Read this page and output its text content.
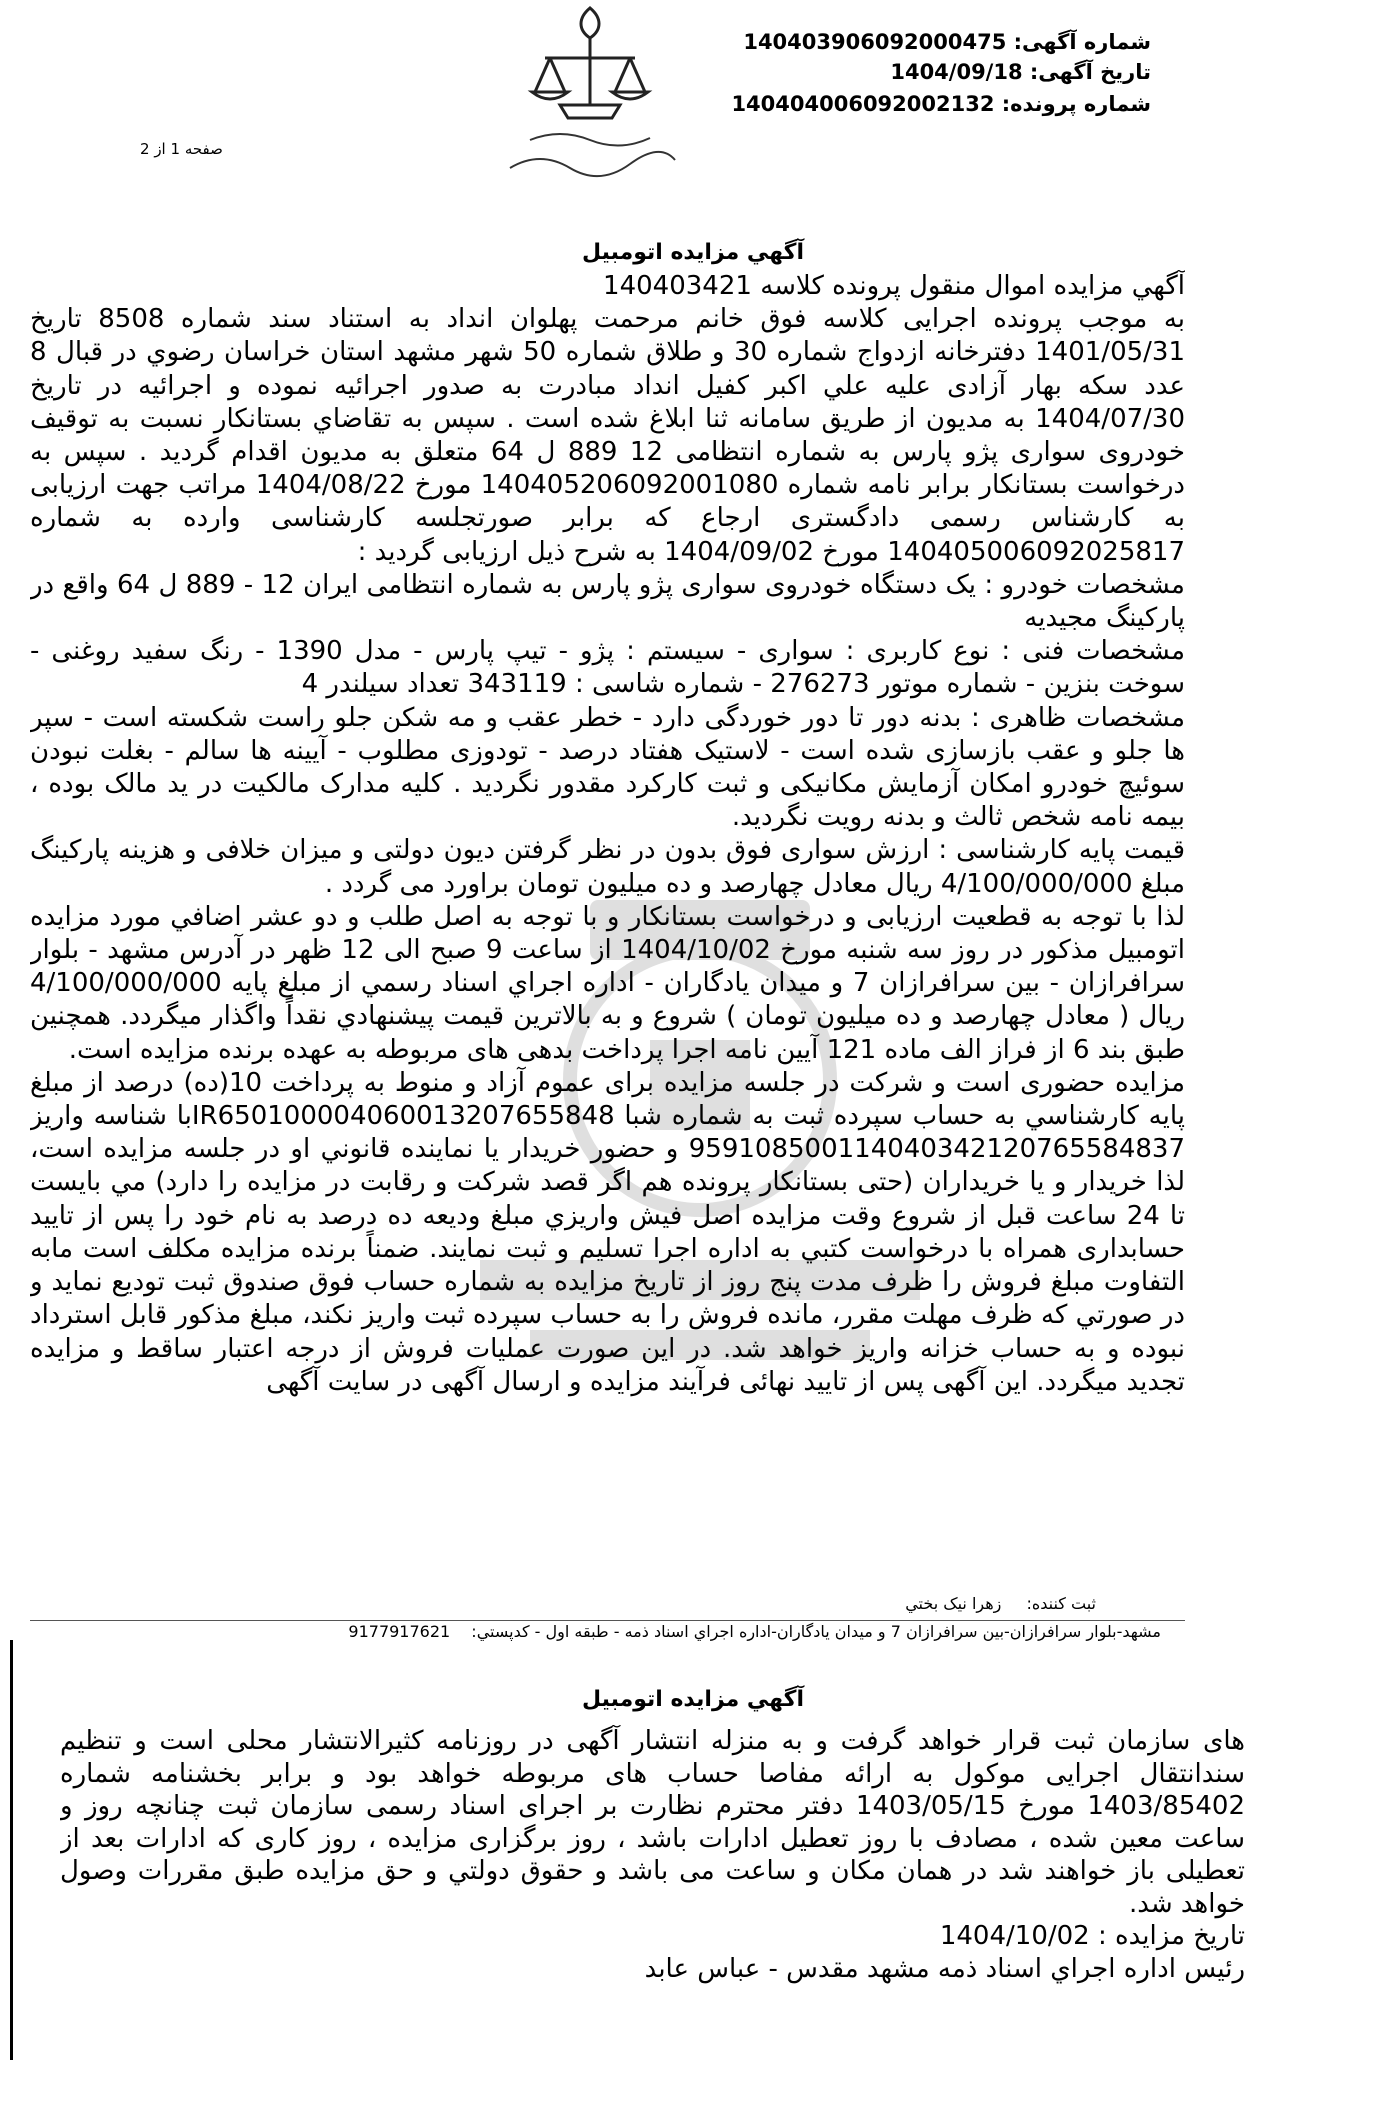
شماره آگهی: 140403906092000475
تاریخ آگهی: 1404/09/18
شماره پرونده: 140404006092002132
صفحه 1 از 2
آگهي مزايده اتومبيل

آگهي مزايده اموال منقول پرونده كلاسه 140403421

به موجب پرونده اجرايی كلاسه فوق خانم مرحمت پهلوان انداد به استناد سند شماره 8508 تاريخ 1401/05/31 دفترخانه ازدواج شماره 30 و طلاق شماره 50 شهر مشهد استان خراسان رضوي در قبال 8 عدد سكه بهار آزادی عليه علي اكبر كفيل انداد مبادرت به صدور اجرائيه نموده و اجرائيه در تاريخ 1404/07/30 به مديون از طريق سامانه ثنا ابلاغ شده است . سپس به تقاضاي بستانكار نسبت به توقيف خودروی سواری پژو پارس به شماره انتظامی 12 889 ل 64 متعلق به مديون اقدام گرديد . سپس به درخواست بستانكار برابر نامه شماره 140405206092001080 مورخ 1404/08/22 مراتب جهت ارزيابی به كارشناس رسمی دادگستری ارجاع كه برابر صورتجلسه كارشناسی وارده به شماره 140405006092025817 مورخ 1404/09/02 به شرح ذيل ارزيابی گرديد :

مشخصات خودرو : يک دستگاه خودروی سواری پژو پارس به شماره انتظامی ايران 12 - 889 ل 64 واقع در پاركينگ مجيديه

مشخصات فنی : نوع كاربری : سواری - سيستم : پژو - تيپ پارس - مدل 1390 - رنگ سفيد روغنی - سوخت بنزين - شماره موتور 276273 - شماره شاسی : 343119 تعداد سيلندر 4

مشخصات ظاهری : بدنه دور تا دور خوردگی دارد - خطر عقب و مه شكن جلو راست شكسته است - سپر ها جلو و عقب بازسازی شده است - لاستيک هفتاد درصد - تودوزی مطلوب - آيينه ها سالم - بغلت نبودن سوئيچ خودرو امكان آزمايش مكانيكی و ثبت كاركرد مقدور نگرديد . كليه مدارک مالكيت در يد مالک بوده ، بيمه نامه شخص ثالث و بدنه رويت نگرديد.

قيمت پايه كارشناسی : ارزش سواری فوق بدون در نظر گرفتن ديون دولتی و ميزان خلافی و هزينه پاركينگ مبلغ 4/100/000/000 ريال معادل چهارصد و ده ميليون تومان براورد می گردد .

لذا با توجه به قطعيت ارزيابی و درخواست بستانكار و با توجه به اصل طلب و دو عشر اضافي مورد مزايده اتومبيل مذكور در روز سه شنبه مورخ 1404/10/02 از ساعت 9 صبح الی 12 ظهر در آدرس مشهد - بلوار سرافرازان - بين سرافرازان 7 و ميدان يادگاران - اداره اجراي اسناد رسمي از مبلغ پايه 4/100/000/000 ريال ( معادل چهارصد و ده ميليون تومان ) شروع و به بالاترين قيمت پيشنهادي نقداً واگذار ميگردد. همچنين طبق بند 6 از فراز الف ماده 121 آيين نامه اجرا پرداخت بدهی های مربوطه به عهده برنده مزايده است.

مزايده حضوری است و شركت در جلسه مزايده برای عموم آزاد و منوط به پرداخت 10(ده) درصد از مبلغ پايه كارشناسي به حساب سپرده ثبت به شماره شبا IR650100004060013207655848با شناسه واريز 959108500114040342120765584837 و حضور خريدار يا نماينده قانوني او در جلسه مزايده است، لذا خريدار و يا خريداران (حتی بستانكار پرونده هم اگر قصد شركت و رقابت در مزايده را دارد) مي بايست تا 24 ساعت قبل از شروع وقت مزايده اصل فيش واريزي مبلغ وديعه ده درصد به نام خود را پس از تاييد حسابداری همراه با درخواست كتبي به اداره اجرا تسليم و ثبت نمايند. ضمناً برنده مزايده مكلف است مابه التفاوت مبلغ فروش را ظرف مدت پنج روز از تاريخ مزايده به شماره حساب فوق صندوق ثبت توديع نمايد و در صورتي كه ظرف مهلت مقرر، مانده فروش را به حساب سپرده ثبت واريز نكند، مبلغ مذكور قابل استرداد نبوده و به حساب خزانه واريز خواهد شد. در اين صورت عمليات فروش از درجه اعتبار ساقط و مزايده تجديد ميگردد. اين آگهی پس از تاييد نهائی فرآيند مزايده و ارسال آگهی در سايت آگهی

ثبت كننده: زهرا نيک بختي
مشهد-بلوار سرافرازان-بين سرافرازان 7 و ميدان يادگاران-اداره اجراي اسناد ذمه - طبقه اول - كدپستي: 9177917621
آگهي مزايده اتومبيل

های سازمان ثبت قرار خواهد گرفت و به منزله انتشار آگهی در روزنامه كثيرالانتشار محلی است و تنظيم سندانتقال اجرايی موكول به ارائه مفاصا حساب های مربوطه خواهد بود و برابر بخشنامه شماره 1403/85402 مورخ 1403/05/15 دفتر محترم نظارت بر اجرای اسناد رسمی سازمان ثبت چنانچه روز و ساعت معين شده ، مصادف با روز تعطيل ادارات باشد ، روز برگزاری مزايده ، روز كاری كه ادارات بعد از تعطيلی باز خواهند شد در همان مكان و ساعت می باشد و حقوق دولتي و حق مزايده طبق مقررات وصول خواهد شد.

تاريخ مزايده : 1404/10/02

رئيس اداره اجراي اسناد ذمه مشهد مقدس - عباس عابد
